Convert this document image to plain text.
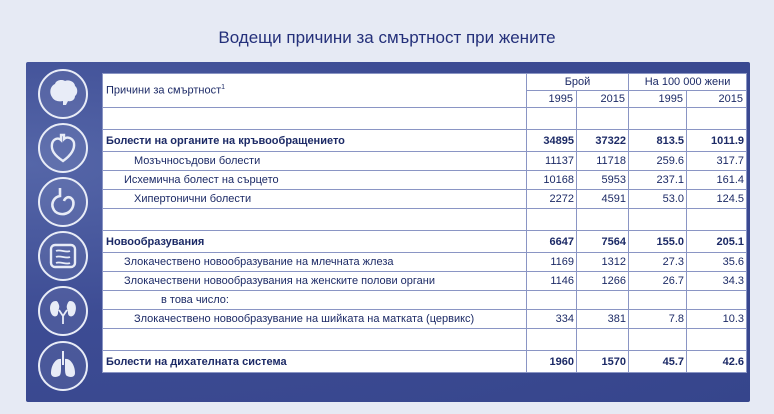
Водещи причини за смъртност при жените
Причини за смъртност$^1$	Брой		На 100 000 жени	
	1995	2015	1995	2015

Болести на органите на кръвообращението	34895	37322	813.5	1011.9
Мозъчносъдови болести	11137	11718	259.6	317.7
Исхемична болест на сърцето	10168	5953	237.1	161.4
Хипертонични болести	2272	4591	53.0	124.5

Новообразувания	6647	7564	155.0	205.1
Злокачествено новообразувание на млечната жлеза	1169	1312	27.3	35.6
Злокачествени новообразувания на женските полови органи	1146	1266	26.7	34.3
в това число:				
Злокачествено новообразувание на шийката на матката (цервикс)	334	381	7.8	10.3

Болести на дихателната система	1960	1570	45.7	42.6
